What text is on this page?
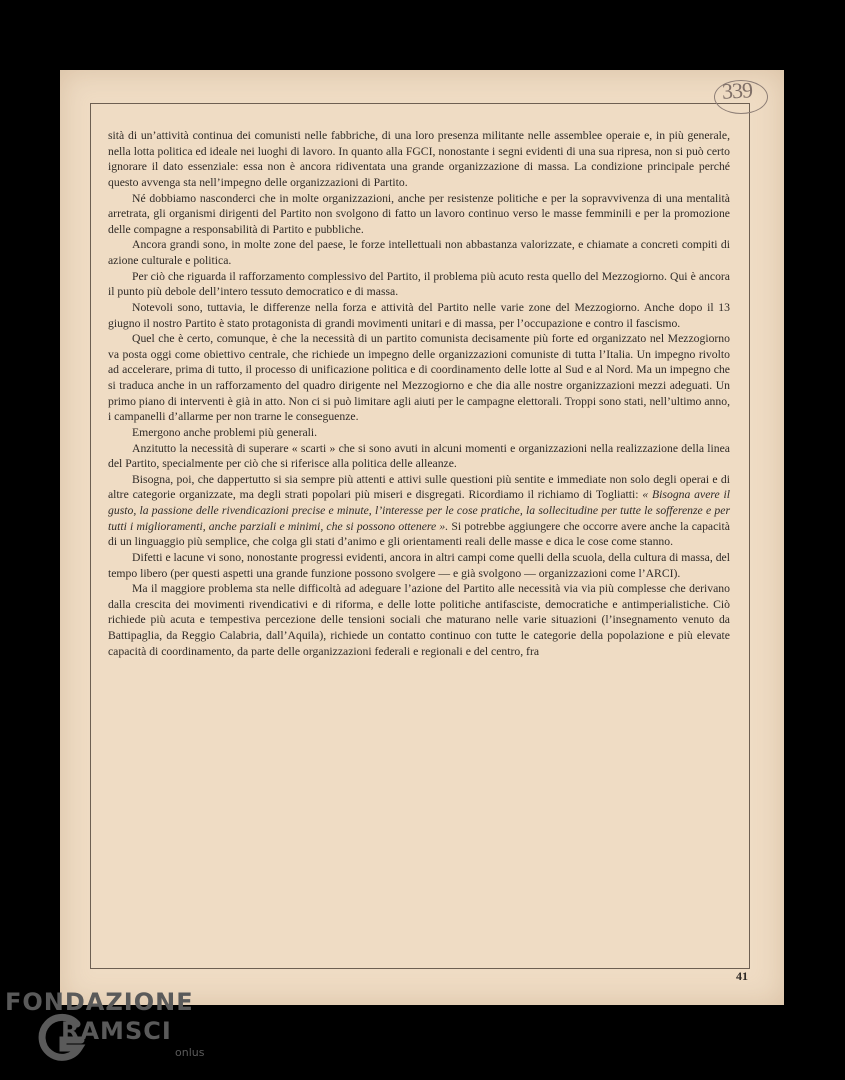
339

sità di un’attività continua dei comunisti nelle fabbriche, di una loro presenza militante nelle assemblee operaie e, in più generale, nella lotta politica ed ideale nei luoghi di lavoro. In quanto alla FGCI, nonostante i segni evidenti di una sua ripresa, non si può certo ignorare il dato essenziale: essa non è ancora ridiventata una grande organizzazione di massa. La condizione principale perché questo avvenga sta nell’impegno delle organizzazioni di Partito.

Né dobbiamo nasconderci che in molte organizzazioni, anche per resistenze politiche e per la sopravvivenza di una mentalità arretrata, gli organismi dirigenti del Partito non svolgono di fatto un lavoro continuo verso le masse femminili e per la promozione delle compagne a responsabilità di Partito e pubbliche.

Ancora grandi sono, in molte zone del paese, le forze intellettuali non abbastanza valorizzate, e chiamate a concreti compiti di azione culturale e politica.

Per ciò che riguarda il rafforzamento complessivo del Partito, il problema più acuto resta quello del Mezzogiorno. Qui è ancora il punto più debole dell’intero tessuto democratico e di massa.

Notevoli sono, tuttavia, le differenze nella forza e attività del Partito nelle varie zone del Mezzogiorno. Anche dopo il 13 giugno il nostro Partito è stato protagonista di grandi movimenti unitari e di massa, per l’occupazione e contro il fascismo.

Quel che è certo, comunque, è che la necessità di un partito comunista decisamente più forte ed organizzato nel Mezzogiorno va posta oggi come obiettivo centrale, che richiede un impegno delle organizzazioni comuniste di tutta l’Italia. Un impegno rivolto ad accelerare, prima di tutto, il processo di unificazione politica e di coordinamento delle lotte al Sud e al Nord. Ma un impegno che si traduca anche in un rafforzamento del quadro dirigente nel Mezzogiorno e che dia alle nostre organizzazioni mezzi adeguati. Un primo piano di interventi è già in atto. Non ci si può limitare agli aiuti per le campagne elettorali. Troppi sono stati, nell’ultimo anno, i campanelli d’allarme per non trarne le conseguenze.

Emergono anche problemi più generali.

Anzitutto la necessità di superare « scarti » che si sono avuti in alcuni momenti e organizzazioni nella realizzazione della linea del Partito, specialmente per ciò che si riferisce alla politica delle alleanze.

Bisogna, poi, che dappertutto si sia sempre più attenti e attivi sulle questioni più sentite e immediate non solo degli operai e di altre categorie organizzate, ma degli strati popolari più miseri e disgregati. Ricordiamo il richiamo di Togliatti: « Bisogna avere il gusto, la passione delle rivendicazioni precise e minute, l’interesse per le cose pratiche, la sollecitudine per tutte le sofferenze e per tutti i miglioramenti, anche parziali e minimi, che si possono ottenere ». Si potrebbe aggiungere che occorre avere anche la capacità di un linguaggio più semplice, che colga gli stati d’animo e gli orientamenti reali delle masse e dica le cose come stanno.

Difetti e lacune vi sono, nonostante progressi evidenti, ancora in altri campi come quelli della scuola, della cultura di massa, del tempo libero (per questi aspetti una grande funzione possono svolgere — e già svolgono — organizzazioni come l’ARCI).

Ma il maggiore problema sta nelle difficoltà ad adeguare l’azione del Partito alle necessità via via più complesse che derivano dalla crescita dei movimenti rivendicativi e di riforma, e delle lotte politiche antifasciste, democratiche e antimperialistiche. Ciò richiede più acuta e tempestiva percezione delle tensioni sociali che maturano nelle varie situazioni (l’insegnamento venuto da Battipaglia, da Reggio Calabria, dall’Aquila), richiede un contatto continuo con tutte le categorie della popolazione e più elevate capacità di coordinamento, da parte delle organizzazioni federali e regionali e del centro, fra

41
FONDAZIONE
RAMSCI
onlus
